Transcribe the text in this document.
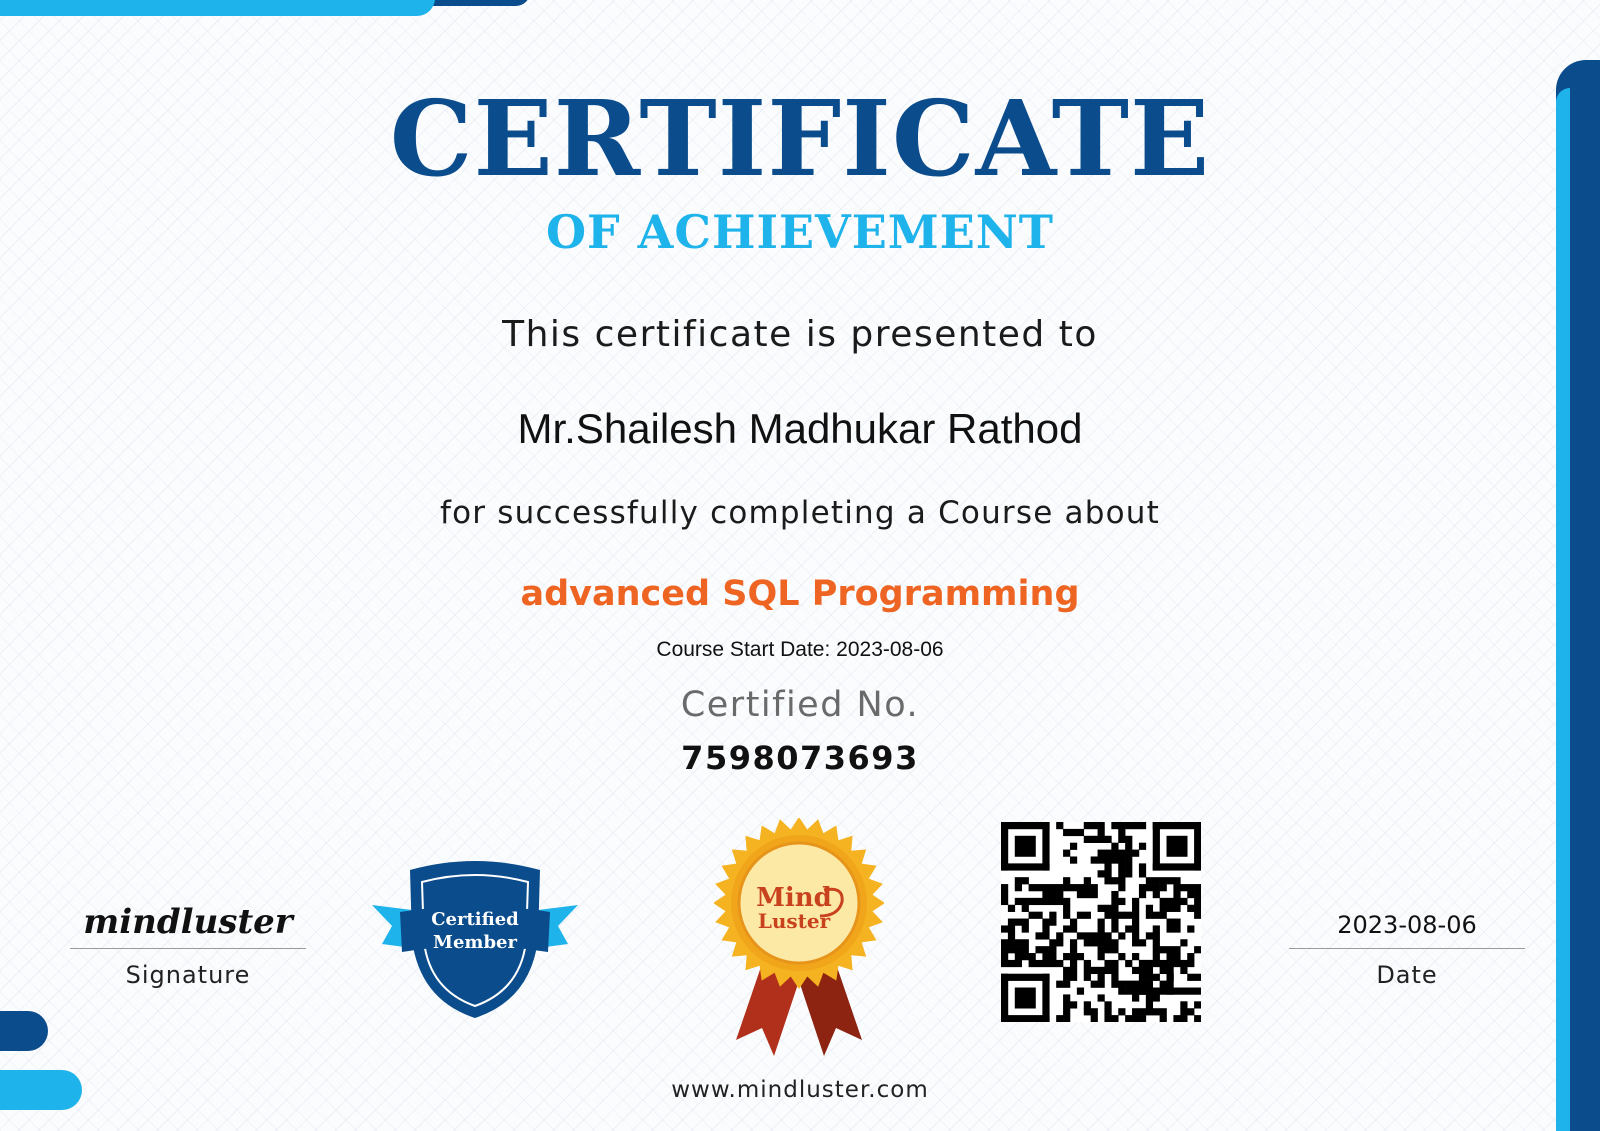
CERTIFICATE
OF ACHIEVEMENT
This certificate is presented to
Mr.Shailesh Madhukar Rathod
for successfully completing a Course about
advanced SQL Programming
Course Start Date: 2023-08-06
Certified No.
7598073693
www.mindluster.com
mindluster
Signature
2023-08-06
Date
Certified
Member
Mind
Luster
